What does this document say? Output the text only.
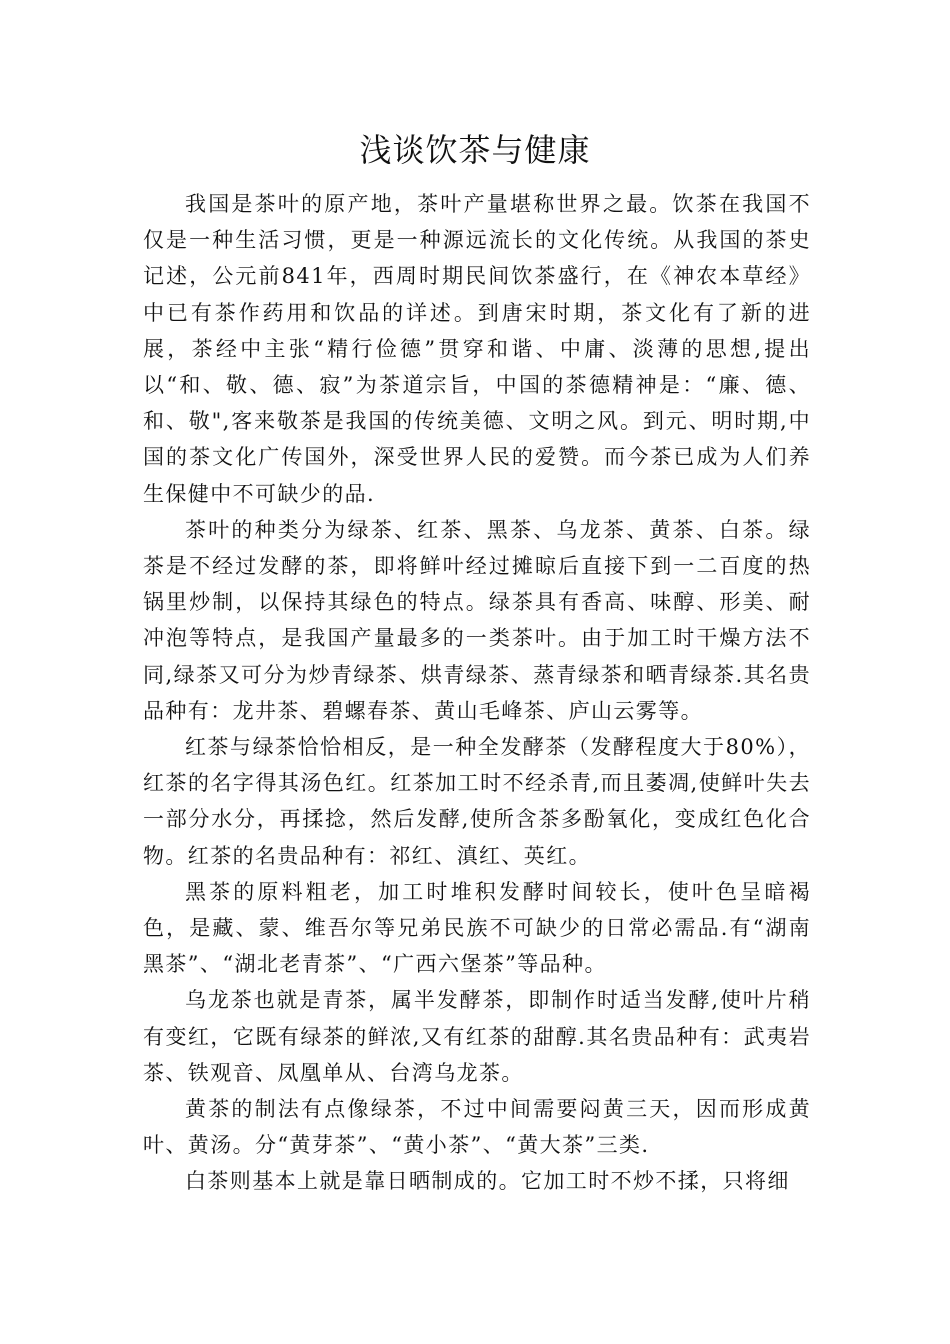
浅谈饮茶与健康

我国是茶叶的原产地，茶叶产量堪称世界之最。饮茶在我国不仅是一种生活习惯，更是一种源远流长的文化传统。从我国的茶史记述，公元前841年，西周时期民间饮茶盛行，在《神农本草经》中已有茶作药用和饮品的详述。到唐宋时期，茶文化有了新的进展，茶经中主张“精行俭德”贯穿和谐、中庸、淡薄的思想,提出以“和、敬、德、寂”为茶道宗旨，中国的茶德精神是：“廉、德、和、敬",客来敬茶是我国的传统美德、文明之风。到元、明时期,中国的茶文化广传国外，深受世界人民的爱赞。而今茶已成为人们养生保健中不可缺少的品.

茶叶的种类分为绿茶、红茶、黑茶、乌龙茶、黄茶、白茶。绿茶是不经过发酵的茶，即将鲜叶经过摊晾后直接下到一二百度的热锅里炒制，以保持其绿色的特点。绿茶具有香高、味醇、形美、耐冲泡等特点，是我国产量最多的一类茶叶。由于加工时干燥方法不同,绿茶又可分为炒青绿茶、烘青绿茶、蒸青绿茶和晒青绿茶.其名贵品种有：龙井茶、碧螺春茶、黄山毛峰茶、庐山云雾等。

红茶与绿茶恰恰相反，是一种全发酵茶（发酵程度大于80%），红茶的名字得其汤色红。红茶加工时不经杀青,而且萎凋,使鲜叶失去一部分水分，再揉捻，然后发酵,使所含茶多酚氧化，变成红色化合物。红茶的名贵品种有：祁红、滇红、英红。

黑茶的原料粗老，加工时堆积发酵时间较长，使叶色呈暗褐色，是藏、蒙、维吾尔等兄弟民族不可缺少的日常必需品.有“湖南黑茶”、“湖北老青茶”、“广西六堡茶”等品种。

乌龙茶也就是青茶，属半发酵茶，即制作时适当发酵,使叶片稍有变红，它既有绿茶的鲜浓,又有红茶的甜醇.其名贵品种有：武夷岩茶、铁观音、凤凰单从、台湾乌龙茶。

黄茶的制法有点像绿茶，不过中间需要闷黄三天，因而形成黄叶、黄汤。分“黄芽茶”、“黄小茶”、“黄大茶”三类.

白茶则基本上就是靠日晒制成的。它加工时不炒不揉，只将细
